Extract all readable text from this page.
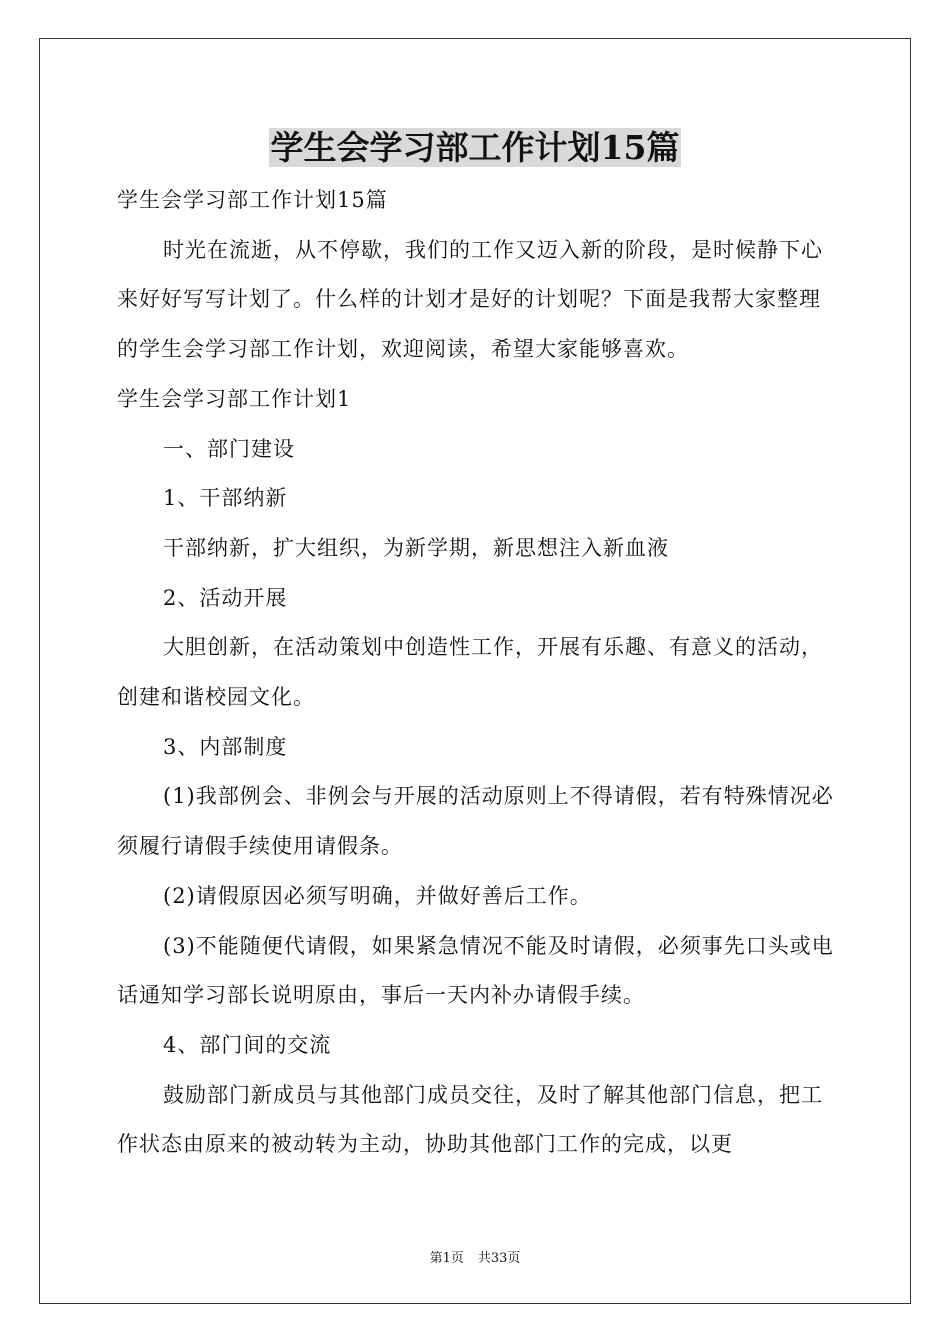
学生会学习部工作计划15篇

学生会学习部工作计划15篇

时光在流逝，从不停歇，我们的工作又迈入新的阶段，是时候静下心来好好写写计划了。什么样的计划才是好的计划呢？下面是我帮大家整理的学生会学习部工作计划，欢迎阅读，希望大家能够喜欢。

学生会学习部工作计划1

一、部门建设

1、干部纳新

干部纳新，扩大组织，为新学期，新思想注入新血液

2、活动开展

大胆创新，在活动策划中创造性工作，开展有乐趣、有意义的活动，创建和谐校园文化。

3、内部制度

(1)我部例会、非例会与开展的活动原则上不得请假，若有特殊情况必须履行请假手续使用请假条。

(2)请假原因必须写明确，并做好善后工作。

(3)不能随便代请假，如果紧急情况不能及时请假，必须事先口头或电话通知学习部长说明原由，事后一天内补办请假手续。

4、部门间的交流

鼓励部门新成员与其他部门成员交往，及时了解其他部门信息，把工作状态由原来的被动转为主动，协助其他部门工作的完成，以更

第1页 共33页
